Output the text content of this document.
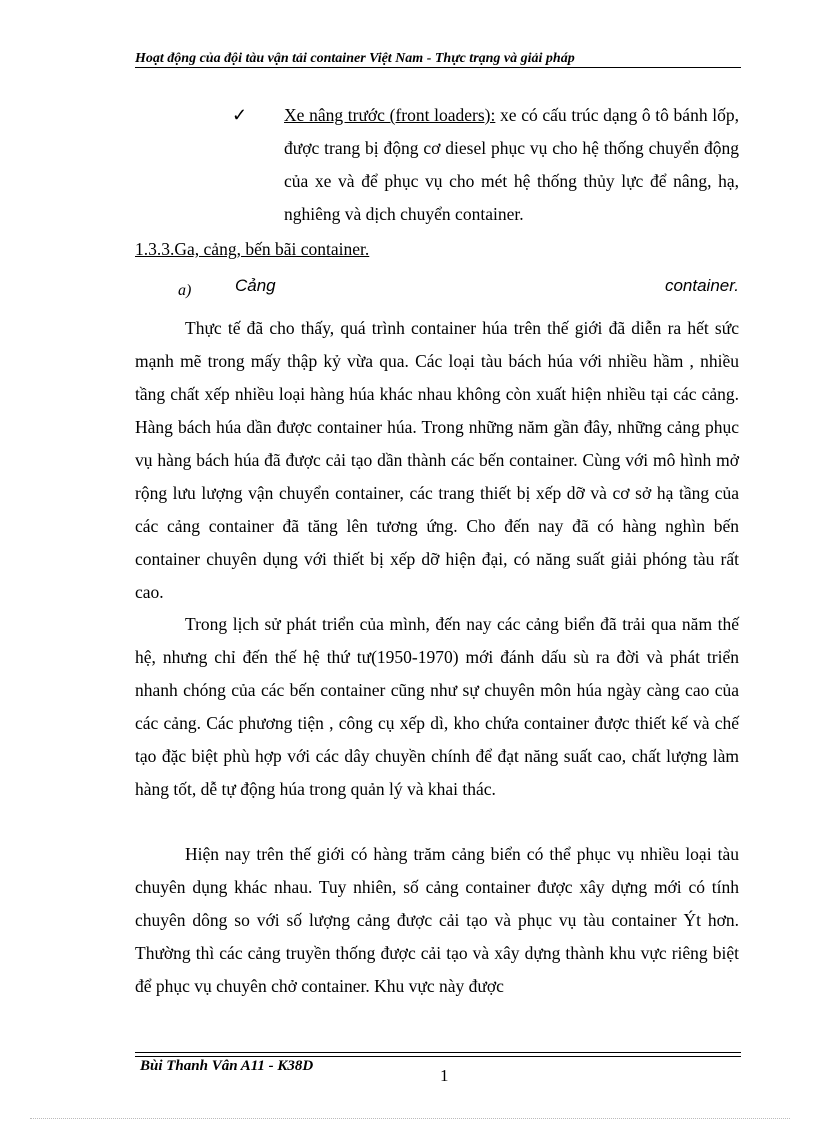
Hoạt động của đội tàu vận tải container Việt Nam - Thực trạng và giải pháp
✓	Xe nâng trước (front loaders): xe có cấu trúc dạng ô tô bánh lốp, được trang bị động cơ diesel phục vụ cho hệ thống chuyển động của xe và để phục vụ cho mét hệ thống thủy lực để nâng, hạ, nghiêng và dịch chuyển container.
1.3.3.Ga, cảng, bến bãi container.
a)	Cảng	container.

Thực tế đã cho thấy, quá trình container húa trên thế giới đã diễn ra hết sức mạnh mẽ trong mấy thập kỷ vừa qua. Các loại tàu bách húa với nhiều hầm , nhiều tầng chất xếp nhiều loại hàng húa khác nhau không còn xuất hiện nhiều tại các cảng. Hàng bách húa dần được container húa. Trong những năm gần đây, những cảng phục vụ hàng bách húa đã được cải tạo dần thành các bến container. Cùng với mô hình mở rộng lưu lượng vận chuyển container, các trang thiết bị xếp dỡ và cơ sở hạ tầng của các cảng container đã tăng lên tương ứng. Cho đến nay đã có hàng nghìn bến container chuyên dụng với thiết bị xếp dỡ hiện đại, có năng suất giải phóng tàu rất cao.

Trong lịch sử phát triển của mình, đến nay các cảng biển đã trải qua năm thế hệ, nhưng chỉ đến thế hệ thứ tư(1950-1970) mới đánh dấu sù ra đời và phát triển nhanh chóng của các bến container cũng như sự chuyên môn húa ngày càng cao của các cảng. Các phương tiện , công cụ xếp dì, kho chứa container được thiết kế và chế tạo đặc biệt phù hợp với các dây chuyền chính để đạt năng suất cao, chất lượng làm hàng tốt, dễ tự động húa trong quản lý và khai thác.

Hiện nay trên thế giới có hàng trăm cảng biển có thể phục vụ nhiều loại tàu chuyên dụng khác nhau. Tuy nhiên, số cảng container được xây dựng mới có tính chuyên dông so với số lượng cảng được cải tạo và phục vụ tàu container Ýt hơn. Thường thì các cảng truyền thống được cải tạo và xây dựng thành khu vực riêng biệt để phục vụ chuyên chở container. Khu vực này được

Bùi Thanh Vân A11 - K38D	1
